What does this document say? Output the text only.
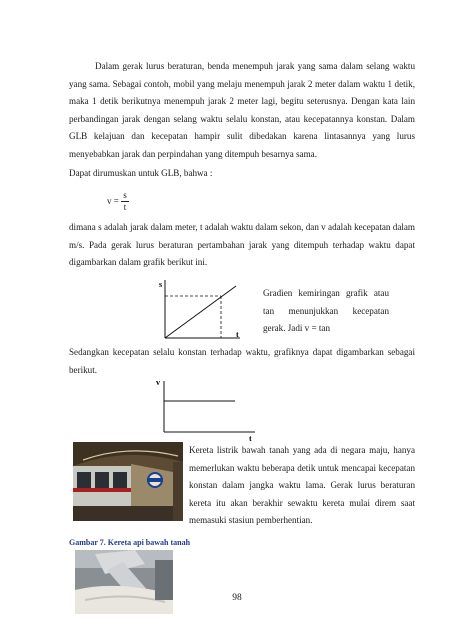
Dalam gerak lurus beraturan, benda menempuh jarak yang sama dalam selang waktu yang sama. Sebagai contoh, mobil yang melaju menempuh jarak 2 meter dalam waktu 1 detik, maka 1 detik berikutnya menempuh jarak 2 meter lagi, begitu seterusnya. Dengan kata lain perbandingan jarak dengan selang waktu selalu konstan, atau kecepatannya konstan. Dalam GLB kelajuan dan kecepatan hampir sulit dibedakan karena lintasannya yang lurus menyebabkan jarak dan perpindahan yang ditempuh besarnya sama.

Dapat dirumuskan untuk GLB, bahwa :
v =
s
t

dimana s adalah jarak dalam meter, t adalah waktu dalam sekon, dan v adalah kecepatan dalam m/s. Pada gerak lurus beraturan pertambahan jarak yang ditempuh terhadap waktu dapat digambarkan dalam grafik berikut ini.

s
t

Gradien kemiringan grafik atau tan menunjukkan kecepatan gerak. Jadi v = tan

Sedangkan kecepatan selalu konstan terhadap waktu, grafiknya dapat digambarkan sebagai berikut.

v
t

Kereta listrik bawah tanah yang ada di negara maju, hanya memerlukan waktu beberapa detik untuk mencapai kecepatan konstan dalam jangka waktu lama. Gerak lurus beraturan kereta itu akan berakhir sewaktu kereta mulai direm saat memasuki stasiun pemberhentian.

Gambar 7. Kereta api bawah tanah
98
